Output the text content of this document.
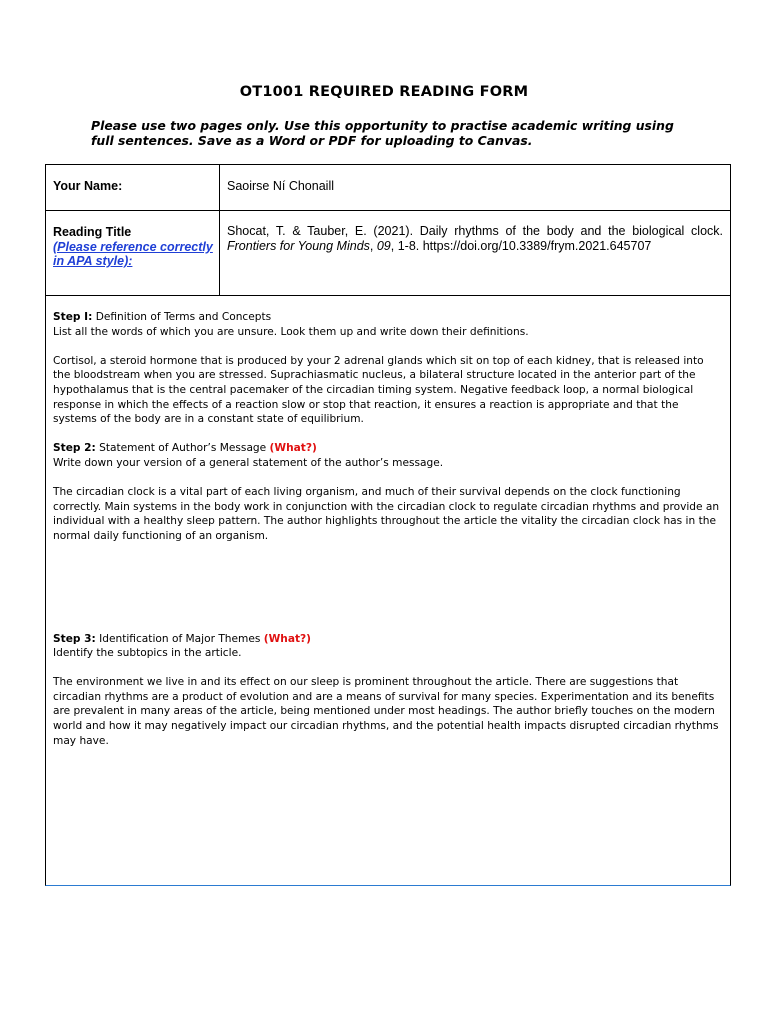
OT1001 REQUIRED READING FORM
Please use two pages only. Use this opportunity to practise academic writing using full sentences. Save as a Word or PDF for uploading to Canvas.
Your Name:	Saoirse Ní Chonaill
Reading Title
(Please reference correctly in APA style):
Shocat, T. & Tauber, E. (2021). Daily rhythms of the body and the biological clock. Frontiers for Young Minds, 09, 1-8. https://doi.org/10.3389/frym.2021.645707

Step I: Definition of Terms and Concepts

List all the words of which you are unsure. Look them up and write down their definitions.

Cortisol, a steroid hormone that is produced by your 2 adrenal glands which sit on top of each kidney, that is released into the bloodstream when you are stressed. Suprachiasmatic nucleus, a bilateral structure located in the anterior part of the hypothalamus that is the central pacemaker of the circadian timing system. Negative feedback loop, a normal biological response in which the effects of a reaction slow or stop that reaction, it ensures a reaction is appropriate and that the systems of the body are in a constant state of equilibrium.

Step 2: Statement of Author’s Message (What?)

Write down your version of a general statement of the author’s message.

The circadian clock is a vital part of each living organism, and much of their survival depends on the clock functioning correctly. Main systems in the body work in conjunction with the circadian clock to regulate circadian rhythms and provide an individual with a healthy sleep pattern. The author highlights throughout the article the vitality the circadian clock has in the normal daily functioning of an organism.

Step 3: Identification of Major Themes (What?)

Identify the subtopics in the article.

The environment we live in and its effect on our sleep is prominent throughout the article. There are suggestions that circadian rhythms are a product of evolution and are a means of survival for many species. Experimentation and its benefits are prevalent in many areas of the article, being mentioned under most headings. The author briefly touches on the modern world and how it may negatively impact our circadian rhythms, and the potential health impacts disrupted circadian rhythms may have.
